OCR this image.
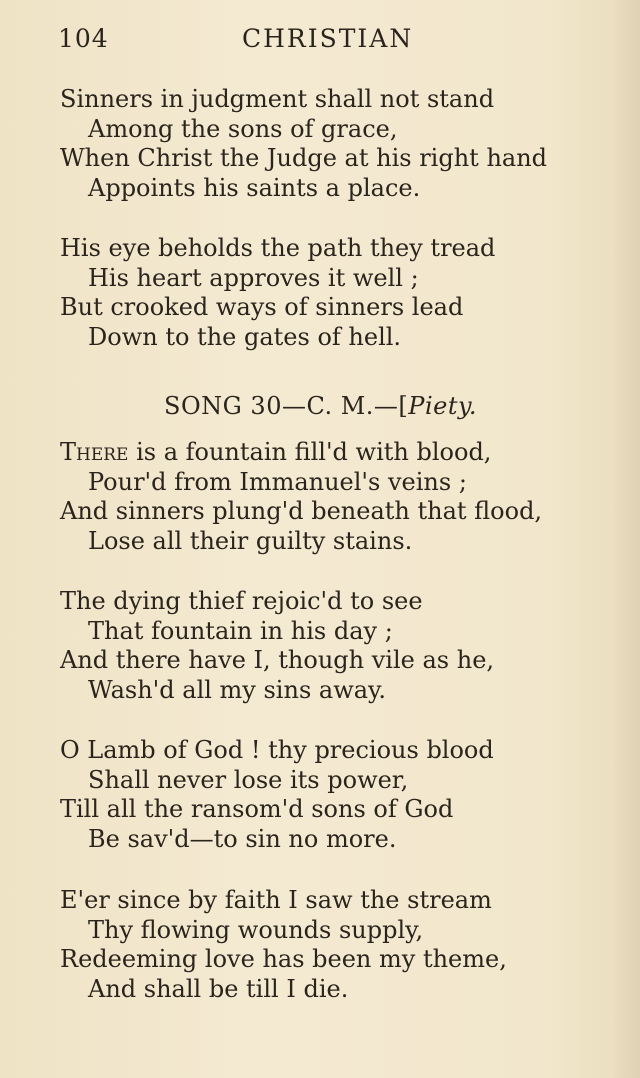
104	CHRISTIAN
Sinners in judgment shall not stand
Among the sons of grace,
When Christ the Judge at his right hand
Appoints his saints a place.
His eye beholds the path they tread
His heart approves it well ;
But crooked ways of sinners lead
Down to the gates of hell.
SONG 30—C. M.—[Piety.
There is a fountain fill'd with blood,
Pour'd from Immanuel's veins ;
And sinners plung'd beneath that flood,
Lose all their guilty stains.
The dying thief rejoic'd to see
That fountain in his day ;
And there have I, though vile as he,
Wash'd all my sins away.
O Lamb of God ! thy precious blood
Shall never lose its power,
Till all the ransom'd sons of God
Be sav'd—to sin no more.
E'er since by faith I saw the stream
Thy flowing wounds supply,
Redeeming love has been my theme,
And shall be till I die.
